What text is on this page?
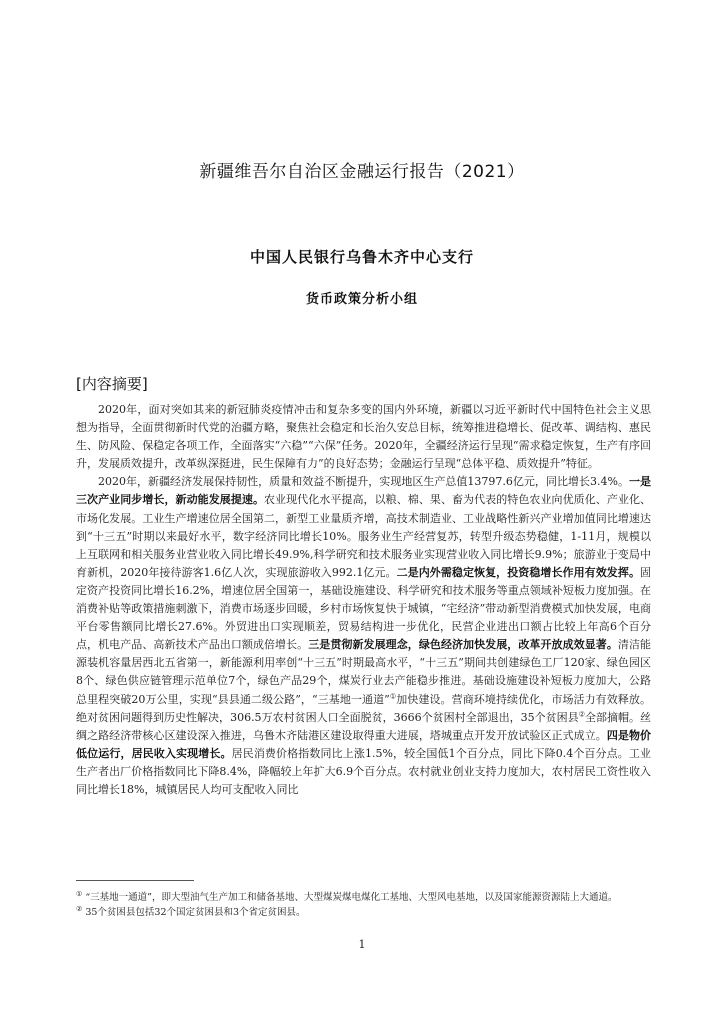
新疆维吾尔自治区金融运行报告（2021）
中国人民银行乌鲁木齐中心支行
货币政策分析小组
[内容摘要]

2020年，面对突如其来的新冠肺炎疫情冲击和复杂多变的国内外环境，新疆以习近平新时代中国特色社会主义思想为指导，全面贯彻新时代党的治疆方略，聚焦社会稳定和长治久安总目标，统筹推进稳增长、促改革、调结构、惠民生、防风险、保稳定各项工作，全面落实“六稳”“六保”任务。2020年，全疆经济运行呈现“需求稳定恢复，生产有序回升，发展质效提升，改革纵深挺进，民生保障有力”的良好态势；金融运行呈现“总体平稳、质效提升”特征。

2020年，新疆经济发展保持韧性，质量和效益不断提升，实现地区生产总值13797.6亿元，同比增长3.4%。一是三次产业同步增长，新动能发展提速。农业现代化水平提高，以粮、棉、果、畜为代表的特色农业向优质化、产业化、市场化发展。工业生产增速位居全国第二，新型工业量质齐增，高技术制造业、工业战略性新兴产业增加值同比增速达到“十三五”时期以来最好水平，数字经济同比增长10%。服务业生产经营复苏，转型升级态势稳健，1-11月，规模以上互联网和相关服务业营业收入同比增长49.9%,科学研究和技术服务业实现营业收入同比增长9.9%；旅游业于变局中育新机，2020年接待游客1.6亿人次，实现旅游收入992.1亿元。二是内外需稳定恢复，投资稳增长作用有效发挥。固定资产投资同比增长16.2%，增速位居全国第一，基础设施建设、科学研究和技术服务等重点领域补短板力度加强。在消费补贴等政策措施刺激下，消费市场逐步回暖，乡村市场恢复快于城镇，“宅经济”带动新型消费模式加快发展，电商平台零售额同比增长27.6%。外贸进出口实现顺差，贸易结构进一步优化，民营企业进出口额占比较上年高6个百分点，机电产品、高新技术产品出口额成倍增长。三是贯彻新发展理念，绿色经济加快发展，改革开放成效显著。清洁能源装机容量居西北五省第一，新能源利用率创“十三五”时期最高水平，“十三五”期间共创建绿色工厂120家、绿色园区8个、绿色供应链管理示范单位7个，绿色产品29个，煤炭行业去产能稳步推进。基础设施建设补短板力度加大，公路总里程突破20万公里，实现“县县通二级公路”，“三基地一通道”①加快建设。营商环境持续优化，市场活力有效释放。绝对贫困问题得到历史性解决，306.5万农村贫困人口全面脱贫，3666个贫困村全部退出，35个贫困县②全部摘帽。丝绸之路经济带核心区建设深入推进，乌鲁木齐陆港区建设取得重大进展，塔城重点开发开放试验区正式成立。四是物价低位运行，居民收入实现增长。居民消费价格指数同比上涨1.5%，较全国低1个百分点，同比下降0.4个百分点。工业生产者出厂价格指数同比下降8.4%，降幅较上年扩大6.9个百分点。农村就业创业支持力度加大，农村居民工资性收入同比增长18%，城镇居民人均可支配收入同比

① “三基地一通道”，即大型油气生产加工和储备基地、大型煤炭煤电煤化工基地、大型风电基地，以及国家能源资源陆上大通道。

② 35个贫困县包括32个国定贫困县和3个省定贫困县。

1
